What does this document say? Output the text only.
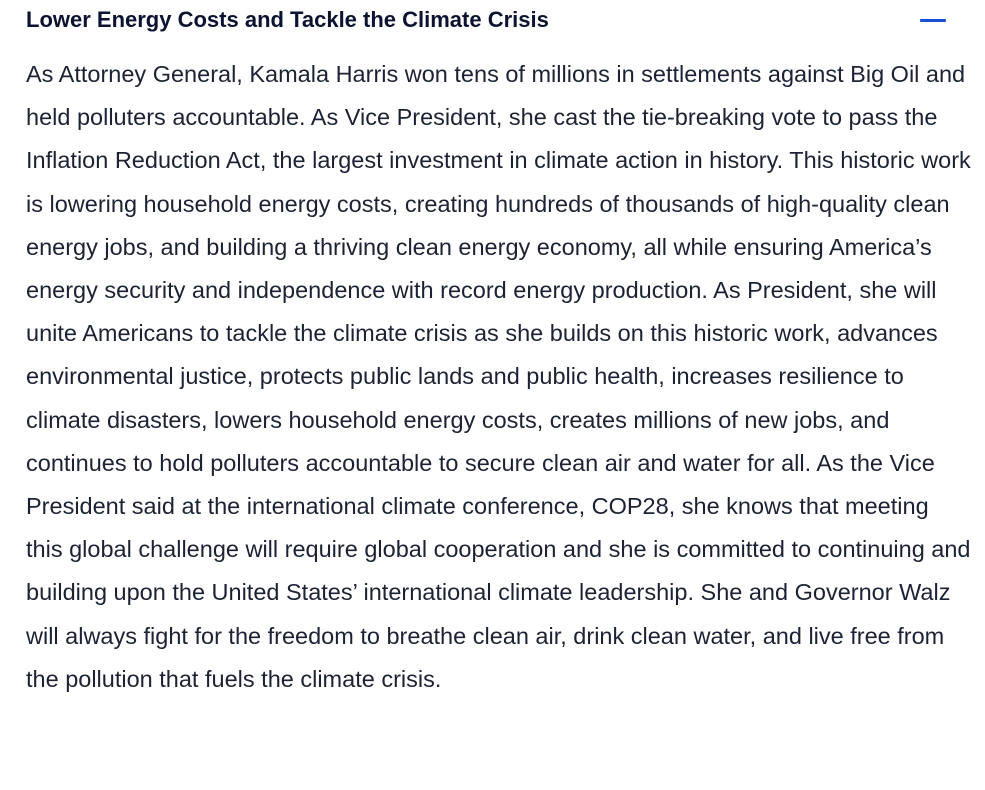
Lower Energy Costs and Tackle the Climate Crisis

As Attorney General, Kamala Harris won tens of millions in settlements against Big Oil and held polluters accountable. As Vice President, she cast the tie-breaking vote to pass the Inflation Reduction Act, the largest investment in climate action in history. This historic work is lowering household energy costs, creating hundreds of thousands of high-quality clean energy jobs, and building a thriving clean energy economy, all while ensuring America’s energy security and independence with record energy production. As President, she will unite Americans to tackle the climate crisis as she builds on this historic work, advances environmental justice, protects public lands and public health, increases resilience to climate disasters, lowers household energy costs, creates millions of new jobs, and continues to hold polluters accountable to secure clean air and water for all. As the Vice President said at the international climate conference, COP28, she knows that meeting this global challenge will require global cooperation and she is committed to continuing and building upon the United States’ international climate leadership. She and Governor Walz will always fight for the freedom to breathe clean air, drink clean water, and live free from the pollution that fuels the climate crisis.
